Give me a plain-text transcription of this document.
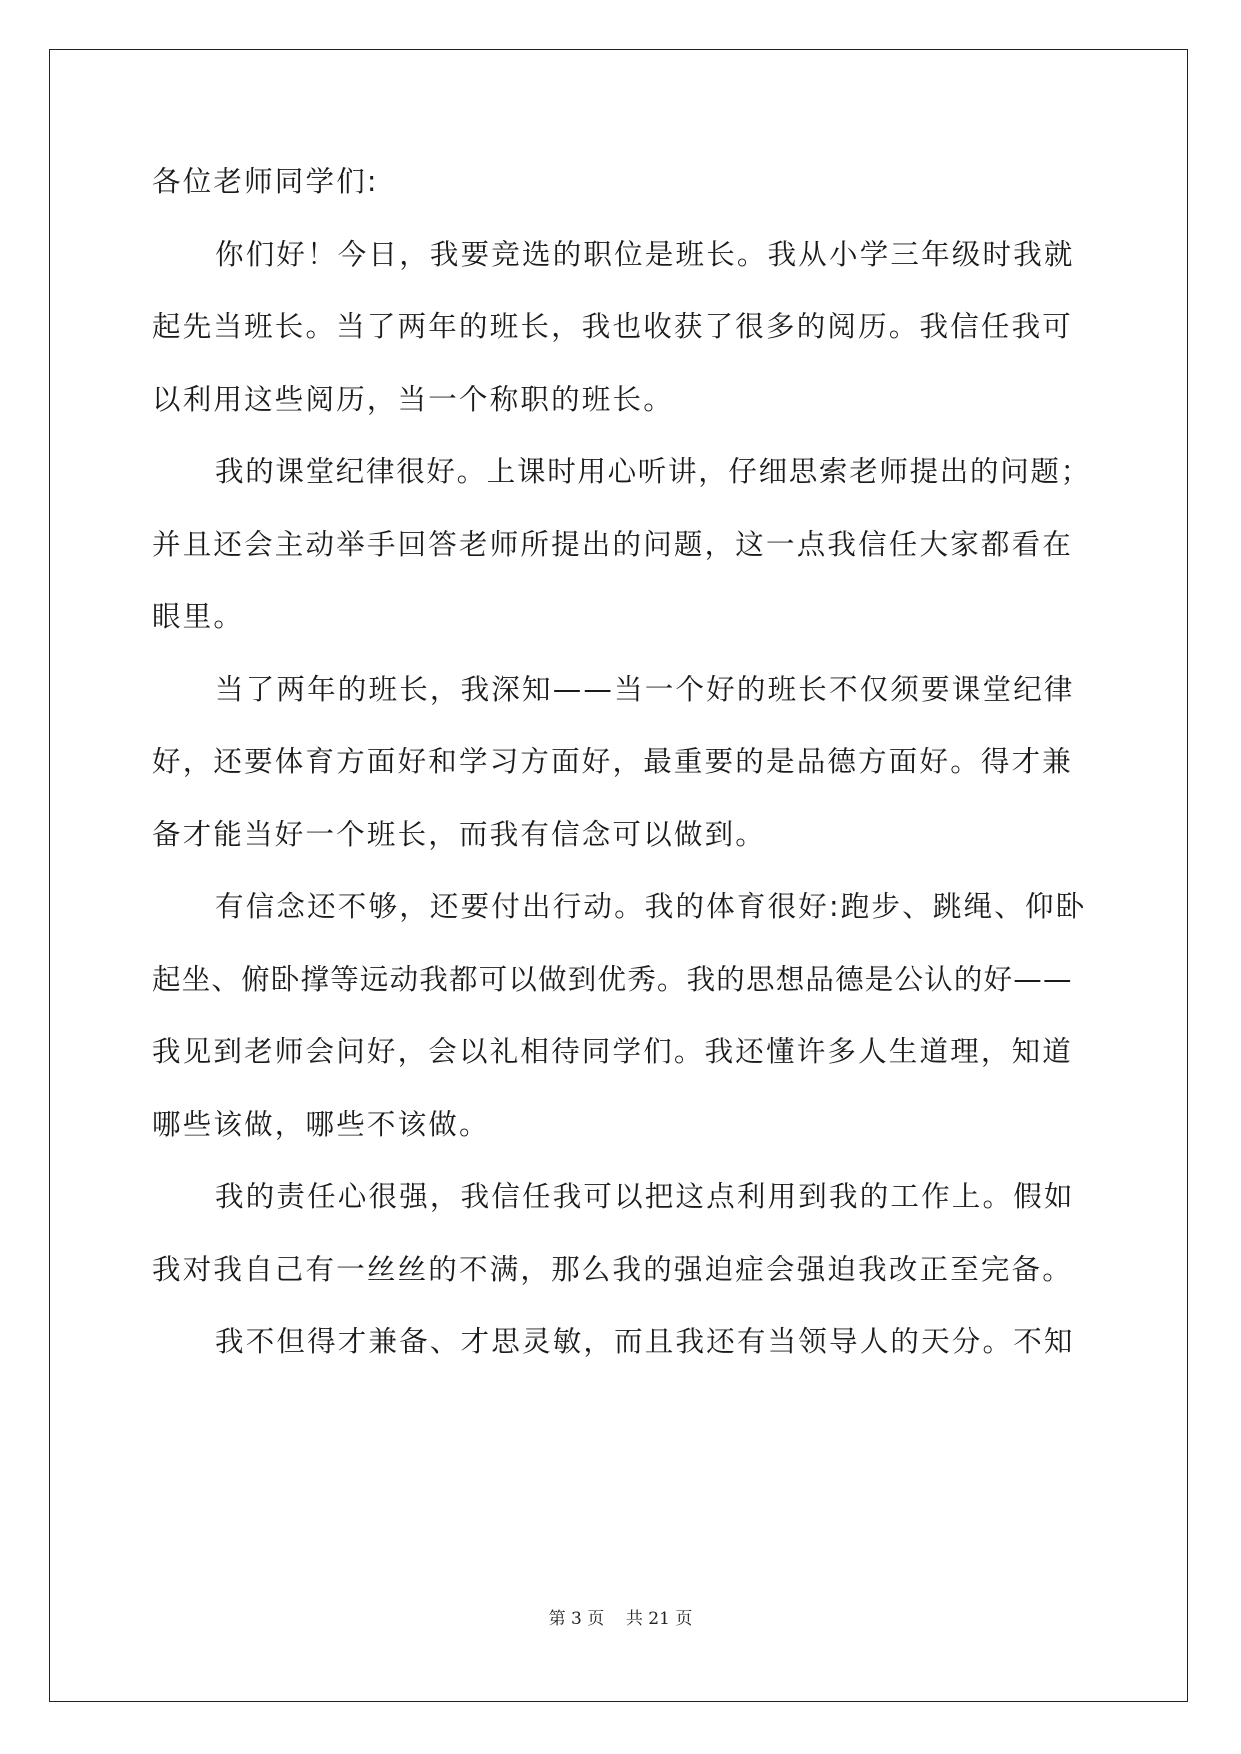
各位老师同学们:
你们好！今日，我要竞选的职位是班长。我从小学三年级时我就
起先当班长。当了两年的班长，我也收获了很多的阅历。我信任我可
以利用这些阅历，当一个称职的班长。
我的课堂纪律很好。上课时用心听讲，仔细思索老师提出的问题；
并且还会主动举手回答老师所提出的问题，这一点我信任大家都看在
眼里。
当了两年的班长，我深知——当一个好的班长不仅须要课堂纪律
好，还要体育方面好和学习方面好，最重要的是品德方面好。得才兼
备才能当好一个班长，而我有信念可以做到。
有信念还不够，还要付出行动。我的体育很好:跑步、跳绳、仰卧
起坐、俯卧撑等远动我都可以做到优秀。我的思想品德是公认的好——
我见到老师会问好，会以礼相待同学们。我还懂许多人生道理，知道
哪些该做，哪些不该做。
我的责任心很强，我信任我可以把这点利用到我的工作上。假如
我对我自己有一丝丝的不满，那么我的强迫症会强迫我改正至完备。
我不但得才兼备、才思灵敏，而且我还有当领导人的天分。不知
第 3 页    共 21 页
